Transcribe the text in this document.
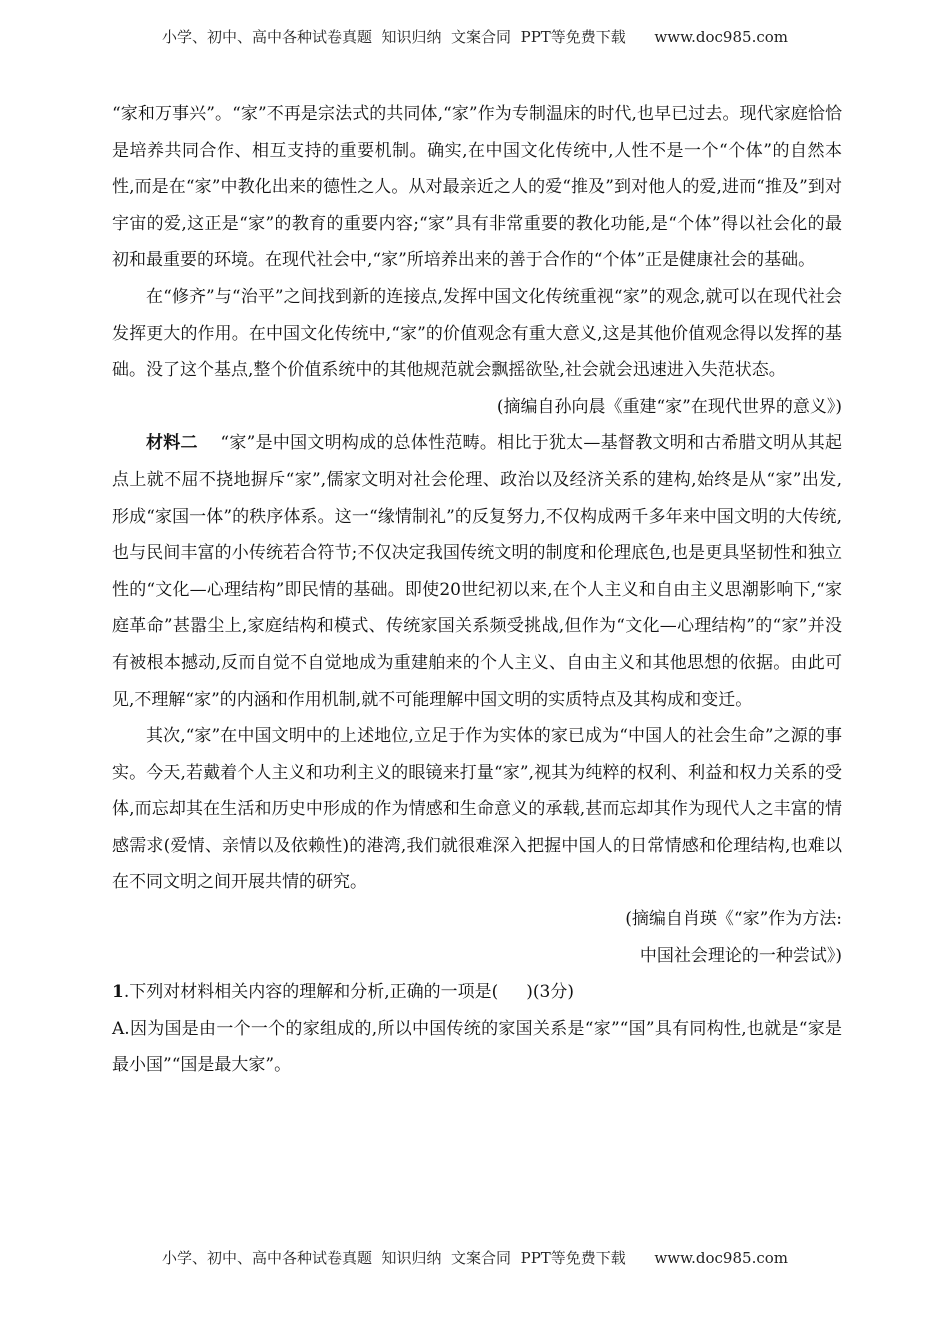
小学、初中、高中各种试卷真题  知识归纳  文案合同  PPT等免费下载      www.doc985.com

“家和万事兴”。“家”不再是宗法式的共同体,“家”作为专制温床的时代,也早已过去。现代家庭恰恰是培养共同合作、相互支持的重要机制。确实,在中国文化传统中,人性不是一个“个体”的自然本性,而是在“家”中教化出来的德性之人。从对最亲近之人的爱“推及”到对他人的爱,进而“推及”到对宇宙的爱,这正是“家”的教育的重要内容;“家”具有非常重要的教化功能,是“个体”得以社会化的最初和最重要的环境。在现代社会中,“家”所培养出来的善于合作的“个体”正是健康社会的基础。

在“修齐”与“治平”之间找到新的连接点,发挥中国文化传统重视“家”的观念,就可以在现代社会发挥更大的作用。在中国文化传统中,“家”的价值观念有重大意义,这是其他价值观念得以发挥的基础。没了这个基点,整个价值系统中的其他规范就会飘摇欲坠,社会就会迅速进入失范状态。

(摘编自孙向晨《重建“家”在现代世界的意义》)

材料二 “家”是中国文明构成的总体性范畴。相比于犹太—基督教文明和古希腊文明从其起点上就不屈不挠地摒斥“家”,儒家文明对社会伦理、政治以及经济关系的建构,始终是从“家”出发,形成“家国一体”的秩序体系。这一“缘情制礼”的反复努力,不仅构成两千多年来中国文明的大传统,也与民间丰富的小传统若合符节;不仅决定我国传统文明的制度和伦理底色,也是更具坚韧性和独立性的“文化—心理结构”即民情的基础。即使20世纪初以来,在个人主义和自由主义思潮影响下,“家庭革命”甚嚣尘上,家庭结构和模式、传统家国关系频受挑战,但作为“文化—心理结构”的“家”并没有被根本撼动,反而自觉不自觉地成为重建舶来的个人主义、自由主义和其他思想的依据。由此可见,不理解“家”的内涵和作用机制,就不可能理解中国文明的实质特点及其构成和变迁。

其次,“家”在中国文明中的上述地位,立足于作为实体的家已成为“中国人的社会生命”之源的事实。今天,若戴着个人主义和功利主义的眼镜来打量“家”,视其为纯粹的权利、利益和权力关系的受体,而忘却其在生活和历史中形成的作为情感和生命意义的承载,甚而忘却其作为现代人之丰富的情感需求(爱情、亲情以及依赖性)的港湾,我们就很难深入把握中国人的日常情感和伦理结构,也难以在不同文明之间开展共情的研究。

(摘编自肖瑛《“家”作为方法:

中国社会理论的一种尝试》)

1.下列对材料相关内容的理解和分析,正确的一项是( )(3分)

A.因为国是由一个一个的家组成的,所以中国传统的家国关系是“家”“国”具有同构性,也就是“家是最小国”“国是最大家”。

小学、初中、高中各种试卷真题  知识归纳  文案合同  PPT等免费下载      www.doc985.com
